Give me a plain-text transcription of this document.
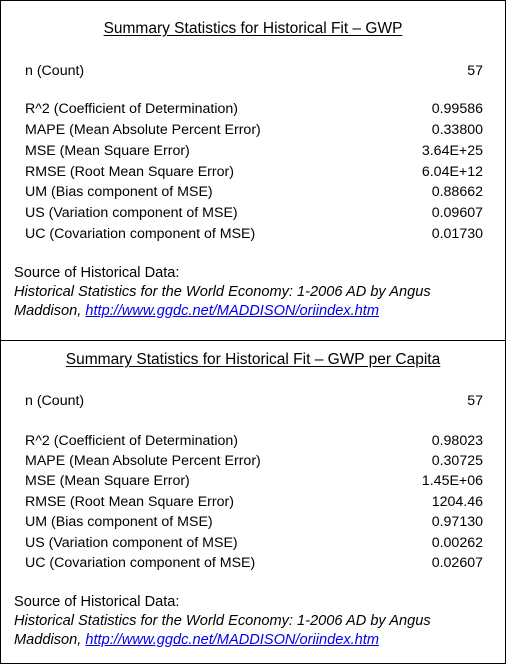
Summary Statistics for Historical Fit – GWP
n (Count)	57
R^2 (Coefficient of Determination)	0.99586
MAPE (Mean Absolute Percent Error)	0.33800
MSE (Mean Square Error)	3.64E+25
RMSE (Root Mean Square Error)	6.04E+12
UM (Bias component of MSE)	0.88662
US (Variation component of MSE)	0.09607
UC (Covariation component of MSE)	0.01730
Source of Historical Data:
Historical Statistics for the World Economy: 1-2006 AD by Angus
Maddison, http://www.ggdc.net/MADDISON/oriindex.htm
Summary Statistics for Historical Fit – GWP per Capita
n (Count)	57
R^2 (Coefficient of Determination)	0.98023
MAPE (Mean Absolute Percent Error)	0.30725
MSE (Mean Square Error)	1.45E+06
RMSE (Root Mean Square Error)	1204.46
UM (Bias component of MSE)	0.97130
US (Variation component of MSE)	0.00262
UC (Covariation component of MSE)	0.02607
Source of Historical Data:
Historical Statistics for the World Economy: 1-2006 AD by Angus
Maddison, http://www.ggdc.net/MADDISON/oriindex.htm
